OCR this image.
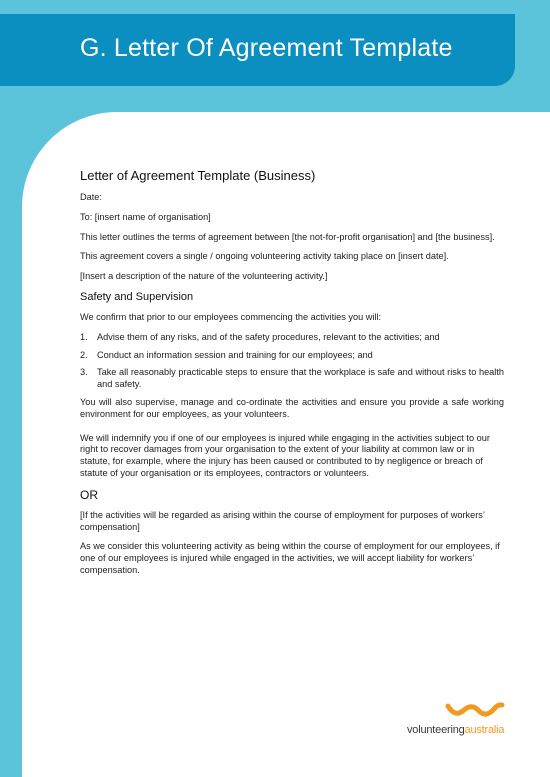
G. Letter Of Agreement Template

Letter of Agreement Template (Business)

Date:

To: [insert name of organisation]

This letter outlines the terms of agreement between [the not-for-profit organisation] and [the business].

This agreement covers a single / ongoing volunteering activity taking place on [insert date].

[Insert a description of the nature of the volunteering activity.]

Safety and Supervision

We confirm that prior to our employees commencing the activities you will:

1.	Advise them of any risks, and of the safety procedures, relevant to the activities; and
2.	Conduct an information session and training for our employees; and
3.	Take all reasonably practicable steps to ensure that the workplace is safe and without risks to health and safety.

You will also supervise, manage and co-ordinate the activities and ensure you provide a safe working environment for our employees, as your volunteers.

We will indemnify you if one of our employees is injured while engaging in the activities subject to our right to recover damages from your organisation to the extent of your liability at common law or in statute, for example, where the injury has been caused or contributed to by negligence or breach of statute of your organisation or its employees, contractors or volunteers.

OR

[If the activities will be regarded as arising within the course of employment for purposes of workers’ compensation]

As we consider this volunteering activity as being within the course of employment for our employees, if one of our employees is injured while engaged in the activities, we will accept liability for workers’ compensation.

volunteeringaustralia
